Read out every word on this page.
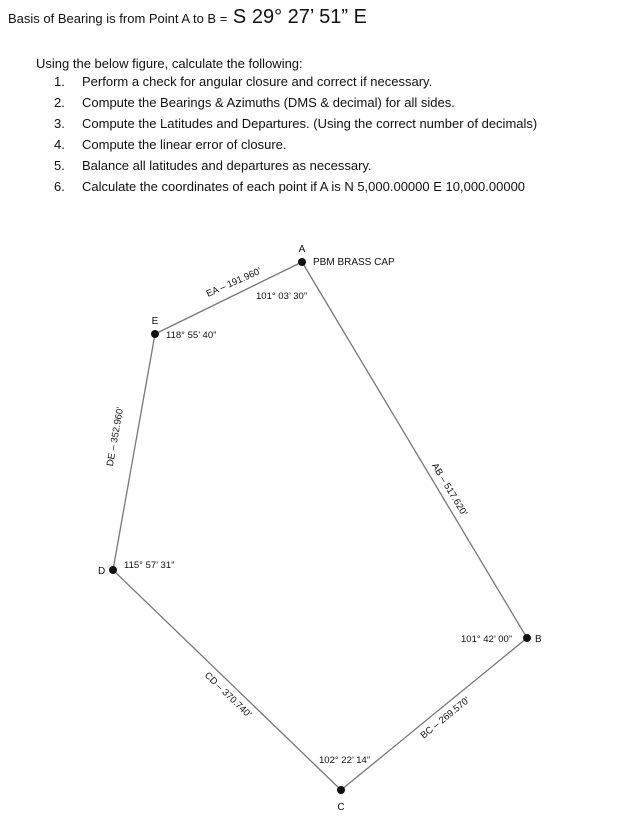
Basis of Bearing is from Point A to B = S 29° 27’ 51” E
Using the below figure, calculate the following:
1. Perform a check for angular closure and correct if necessary.
2. Compute the Bearings & Azimuths (DMS & decimal) for all sides.
3. Compute the Latitudes and Departures. (Using the correct number of decimals)
4. Compute the linear error of closure.
5. Balance all latitudes and departures as necessary.
6. Calculate the coordinates of each point if A is N 5,000.00000 E 10,000.00000
A
B
C
D
E
PBM BRASS CAP
101° 03’ 30”
101° 42’ 00”
102° 22’ 14”
115° 57’ 31”
118° 55’ 40”
EA – 191.960’
DE – 352.960’
AB – 517.620’
CD – 370.740’	BC – 269.570’
